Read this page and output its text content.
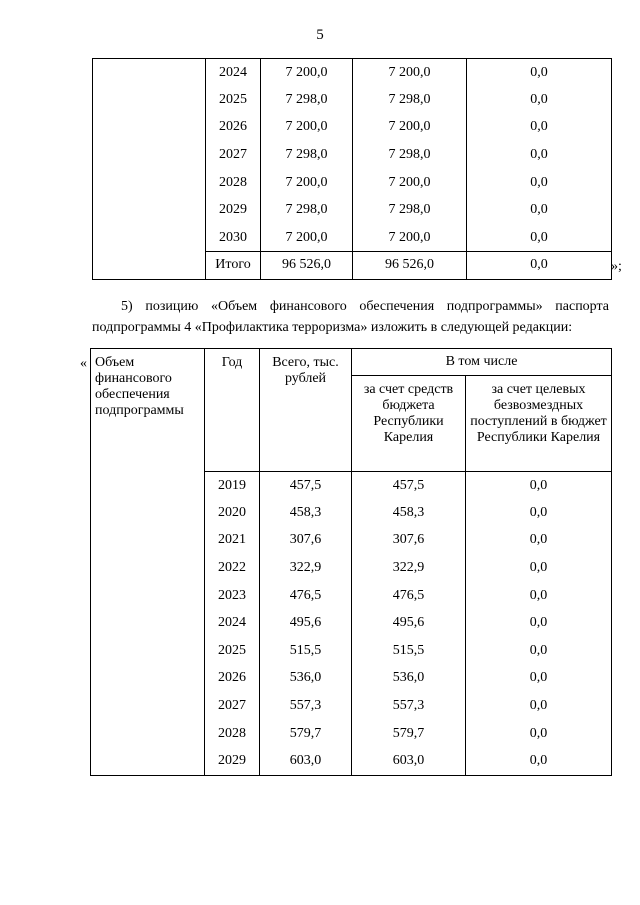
5
	2024	7 200,0	7 200,0	0,0
	2025	7 298,0	7 298,0	0,0
	2026	7 200,0	7 200,0	0,0
	2027	7 298,0	7 298,0	0,0
	2028	7 200,0	7 200,0	0,0
	2029	7 298,0	7 298,0	0,0
	2030	7 200,0	7 200,0	0,0
	Итого	96 526,0	96 526,0	0,0	»;
5) позицию «Объем финансового обеспечения подпрограммы» паспорта подпрограммы 4 «Профилактика терроризма» изложить в следующей редакции:
« Объем финансового обеспечения подпрограммы	Год	Всего, тыс. рублей	В том числе	
			за счет средств бюджета Республики Карелия	за счет целевых безвозмездных поступлений в бюджет Республики Карелия
	2019	457,5	457,5	0,0
	2020	458,3	458,3	0,0
	2021	307,6	307,6	0,0
	2022	322,9	322,9	0,0
	2023	476,5	476,5	0,0
	2024	495,6	495,6	0,0
	2025	515,5	515,5	0,0
	2026	536,0	536,0	0,0
	2027	557,3	557,3	0,0
	2028	579,7	579,7	0,0
	2029	603,0	603,0	0,0
